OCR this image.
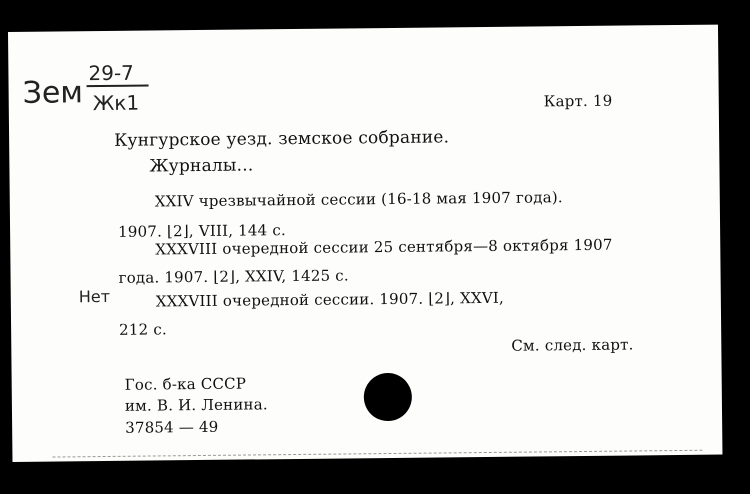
Зем
29-7
Жк1
Нет
Карт. 19
Кунгурское уезд. земское собрание.
Журналы...
XXIV чрезвычайной сессии (16-18 мая 1907 года).
1907. ⌊2⌋, VIII, 144 с.
XXXVIII очередной сессии 25 сентября—8 октября 1907
года. 1907. ⌊2⌋, XXIV, 1425 с.
XXXVIII очередной сессии. 1907. ⌊2⌋, XXVI,
212 с.
См. след. карт.
Гос. б-ка СССР
им. В. И. Ленина.
37854 — 49
